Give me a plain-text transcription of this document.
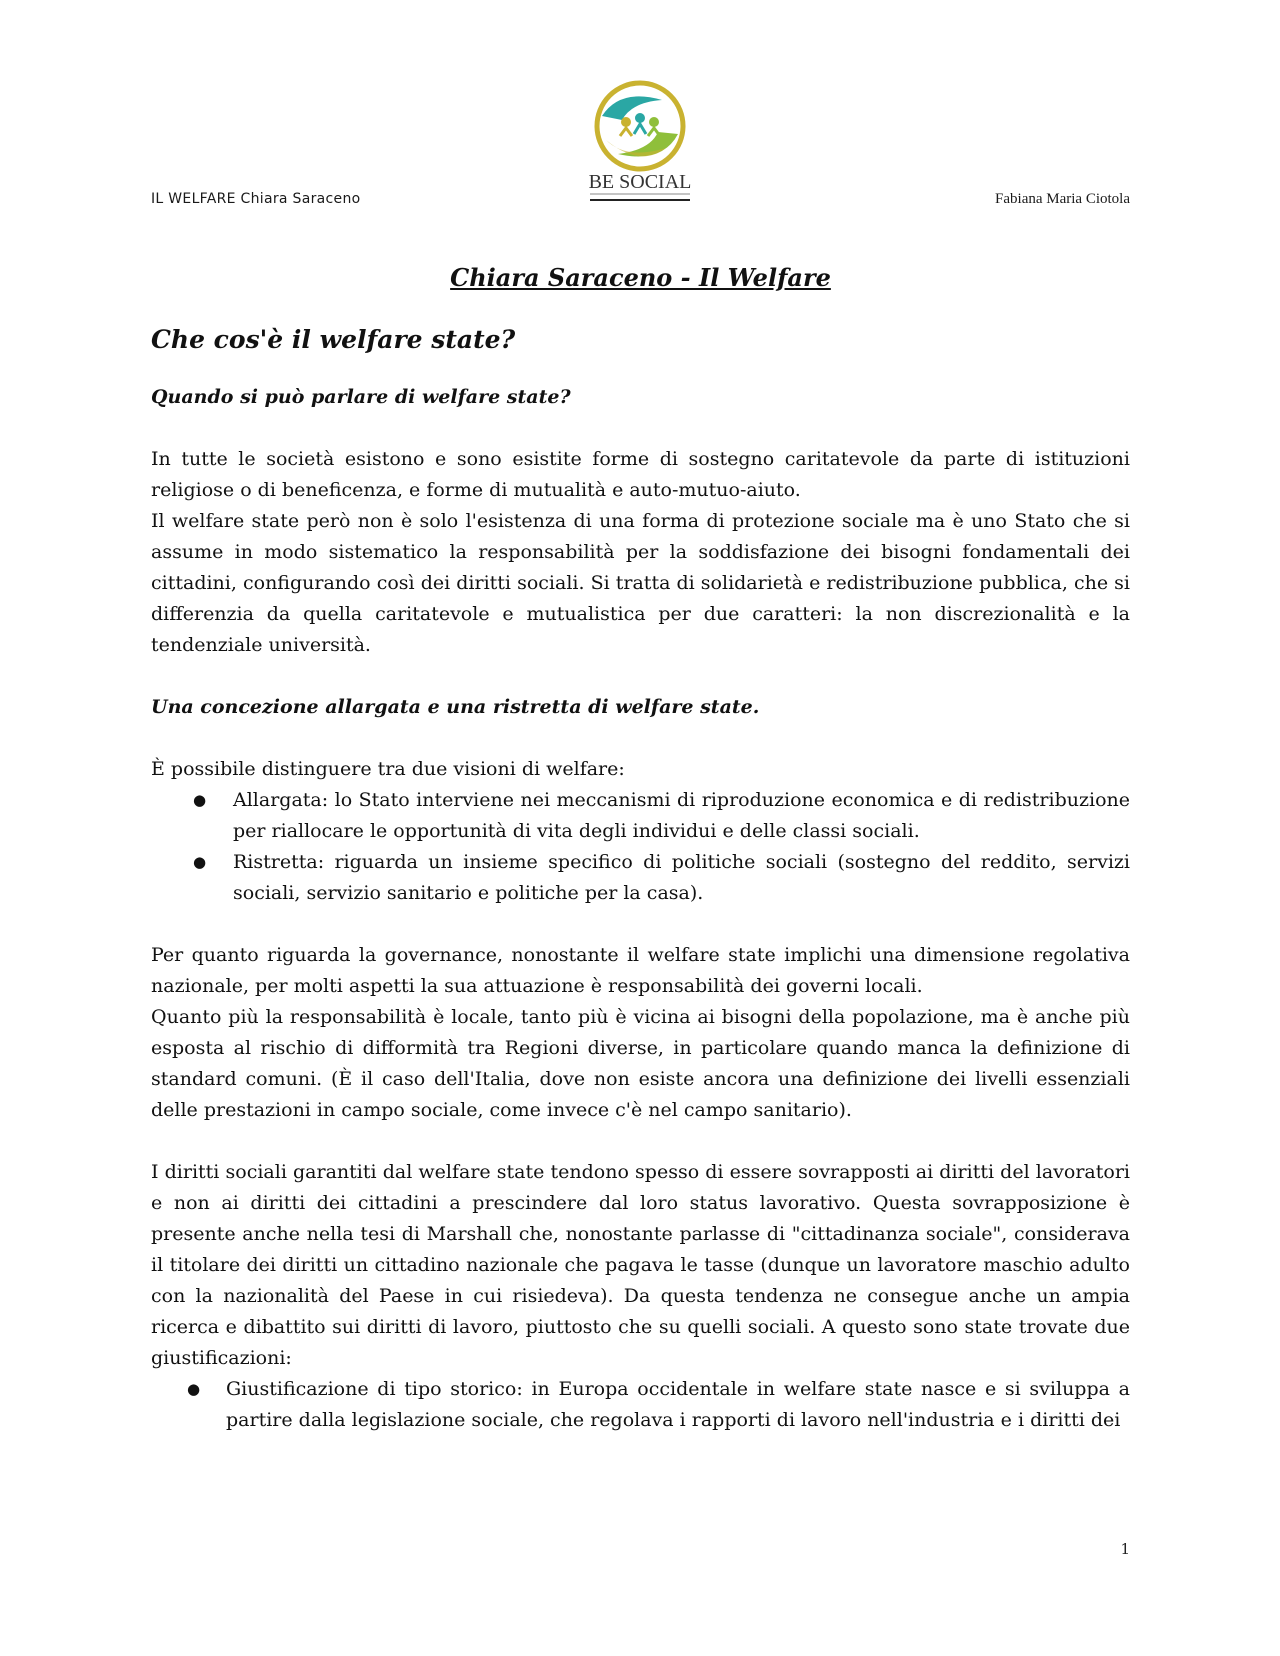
IL WELFARE Chiara Saraceno
BE SOCIAL
Fabiana Maria Ciotola
Chiara Saraceno - Il Welfare
Che cos'è il welfare state?
Quando si può parlare di welfare state?

In tutte le società esistono e sono esistite forme di sostegno caritatevole da parte di istituzioni religiose o di beneficenza, e forme di mutualità e auto-mutuo-aiuto.

Il welfare state però non è solo l'esistenza di una forma di protezione sociale ma è uno Stato che si assume in modo sistematico la responsabilità per la soddisfazione dei bisogni fondamentali dei cittadini, configurando così dei diritti sociali. Si tratta di solidarietà e redistribuzione pubblica, che si differenzia da quella caritatevole e mutualistica per due caratteri: la non discrezionalità e la tendenziale università.

Una concezione allargata e una ristretta di welfare state.

È possibile distinguere tra due visioni di welfare:

● Allargata: lo Stato interviene nei meccanismi di riproduzione economica e di redistribuzione per riallocare le opportunità di vita degli individui e delle classi sociali.
● Ristretta: riguarda un insieme specifico di politiche sociali (sostegno del reddito, servizi sociali, servizio sanitario e politiche per la casa).

Per quanto riguarda la governance, nonostante il welfare state implichi una dimensione regolativa nazionale, per molti aspetti la sua attuazione è responsabilità dei governi locali.

Quanto più la responsabilità è locale, tanto più è vicina ai bisogni della popolazione, ma è anche più esposta al rischio di difformità tra Regioni diverse, in particolare quando manca la definizione di standard comuni. (È il caso dell'Italia, dove non esiste ancora una definizione dei livelli essenziali delle prestazioni in campo sociale, come invece c'è nel campo sanitario).

I diritti sociali garantiti dal welfare state tendono spesso di essere sovrapposti ai diritti del lavoratori e non ai diritti dei cittadini a prescindere dal loro status lavorativo. Questa sovrapposizione è presente anche nella tesi di Marshall che, nonostante parlasse di "cittadinanza sociale", considerava il titolare dei diritti un cittadino nazionale che pagava le tasse (dunque un lavoratore maschio adulto con la nazionalità del Paese in cui risiedeva). Da questa tendenza ne consegue anche un ampia ricerca e dibattito sui diritti di lavoro, piuttosto che su quelli sociali. A questo sono state trovate due giustificazioni:

● Giustificazione di tipo storico: in Europa occidentale in welfare state nasce e si sviluppa a partire dalla legislazione sociale, che regolava i rapporti di lavoro nell'industria e i diritti dei
1
